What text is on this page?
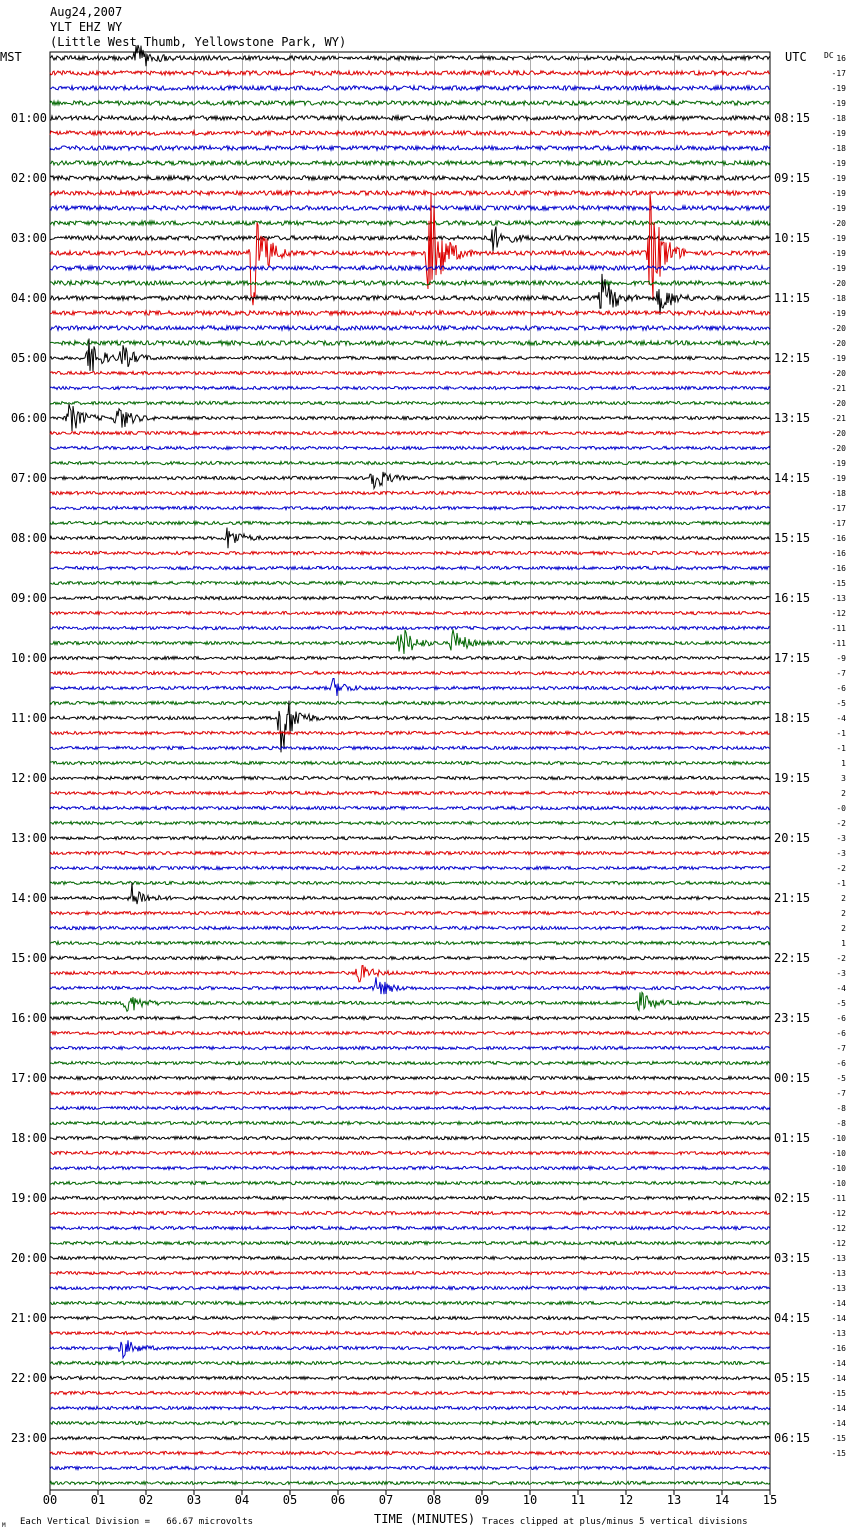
Aug24,2007
YLT EHZ WY
(Little West Thumb, Yellowstone Park, WY)
MST	UTC DC
00	01	02	03	04	05	06	07	08	09	10	11	12	13	14	15
01:00
02:00
03:00
04:00
05:00
06:00
07:00
08:00
09:00
10:00
11:00
12:00
13:00
14:00
15:00
16:00
17:00
18:00
19:00
20:00
21:00
22:00
23:00
08:15
09:15
10:15
11:15
12:15
13:15
14:15
15:15
16:15
17:15
18:15
19:15
20:15
21:15
22:15
23:15
00:15
01:15
02:15
03:15
04:15
05:15
06:15
16
-17
-19
-19
-18
-19
-18
-19
-19
-19
-19
-20
-19
-19
-19
-20
-18
-19
-20
-20
-19
-20
-21
-20
-21
-20
-20
-19
-19
-18
-17
-17
-16
-16
-16
-15
-13
-12
-11
-11
-9
-7
-6
-5
-4
-1
-1
1
3
2
-0
-2
-3
-3
-2
-1
2
2
2
1
-2
-3
-4
-5
-6
-6
-7
-6
-5
-7
-8
-8
-10
-10
-10
-10
-11
-12
-12
-12
-13
-13
-13
-14
-14
-13
-16
-14
-14
-15
-14
-14
-15
-15
TIME (MINUTES)
Each Vertical Division =   66.67 microvolts	Traces clipped at plus/minus 5 vertical divisions
M
